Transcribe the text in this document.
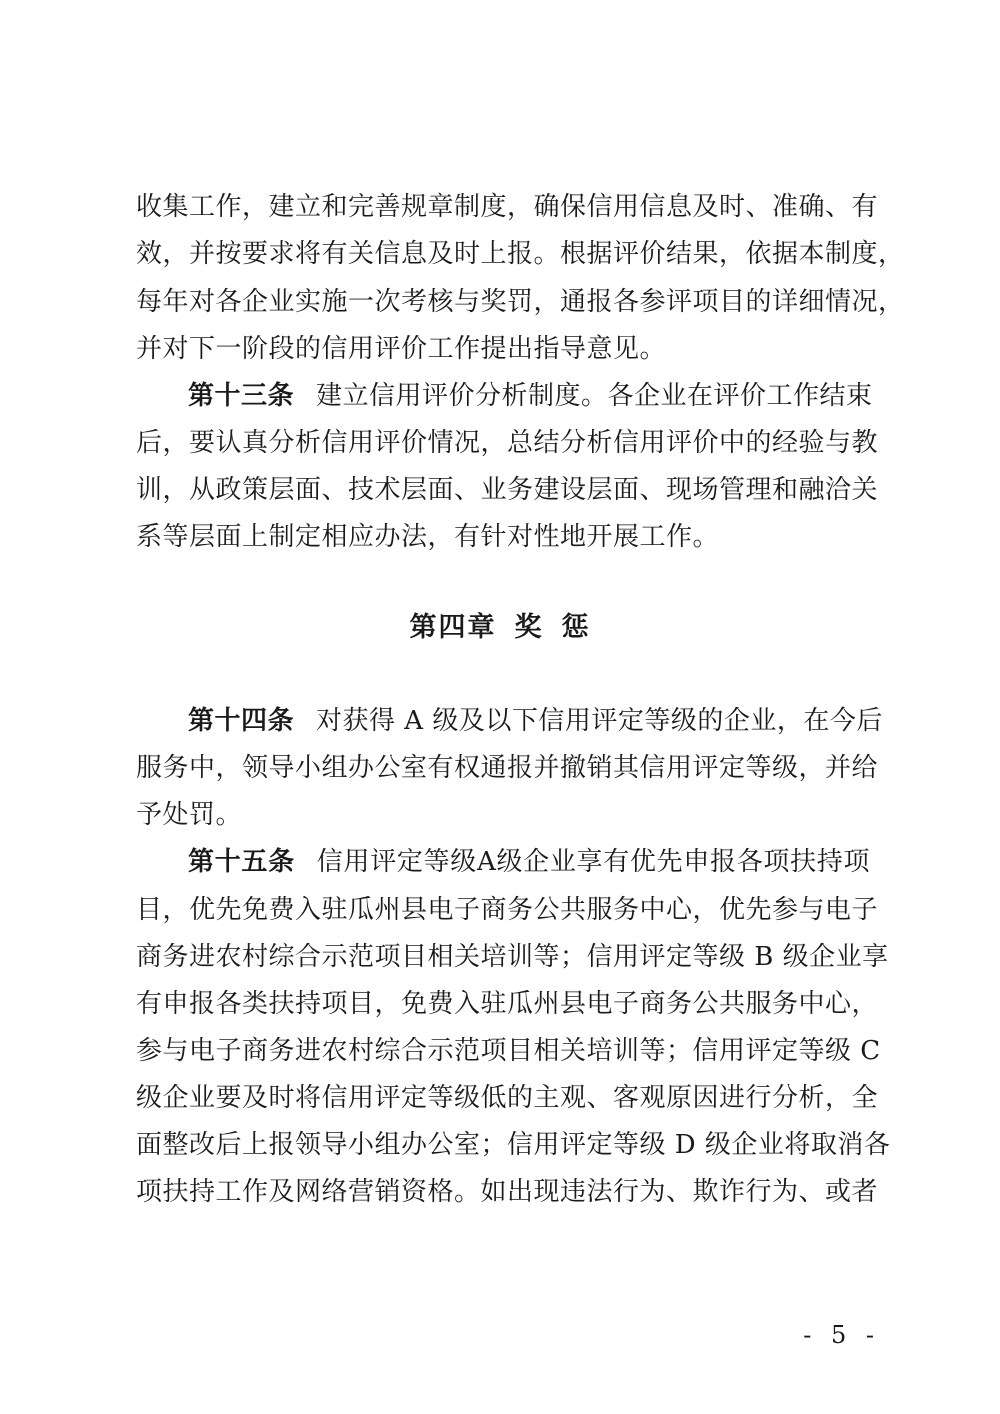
收集工作，建立和完善规章制度，确保信用信息及时、准确、有
效，并按要求将有关信息及时上报。根据评价结果，依据本制度，
每年对各企业实施一次考核与奖罚，通报各参评项目的详细情况，
并对下一阶段的信用评价工作提出指导意见。
第十三条 建立信用评价分析制度。各企业在评价工作结束
后，要认真分析信用评价情况，总结分析信用评价中的经验与教
训，从政策层面、技术层面、业务建设层面、现场管理和融洽关
系等层面上制定相应办法，有针对性地开展工作。
第四章 奖 惩
第十四条 对获得 A 级及以下信用评定等级的企业，在今后
服务中，领导小组办公室有权通报并撤销其信用评定等级，并给
予处罚。
第十五条 信用评定等级A级企业享有优先申报各项扶持项
目，优先免费入驻瓜州县电子商务公共服务中心，优先参与电子
商务进农村综合示范项目相关培训等；信用评定等级 B 级企业享
有申报各类扶持项目，免费入驻瓜州县电子商务公共服务中心，
参与电子商务进农村综合示范项目相关培训等；信用评定等级 C
级企业要及时将信用评定等级低的主观、客观原因进行分析，全
面整改后上报领导小组办公室；信用评定等级 D 级企业将取消各
项扶持工作及网络营销资格。如出现违法行为、欺诈行为、或者
- 5 -
